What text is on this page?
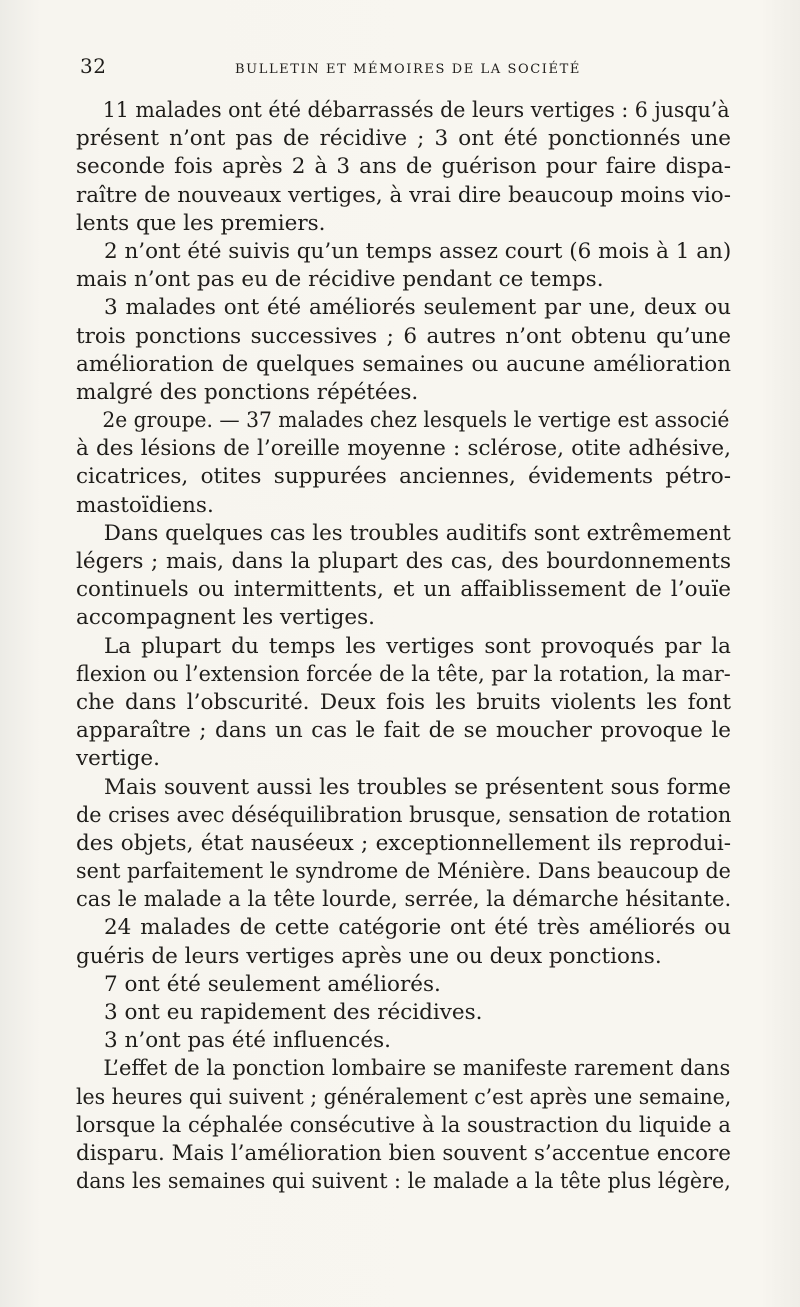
32	BULLETIN ET MÉMOIRES DE LA SOCIÉTÉ
11 malades ont été débarrassés de leurs vertiges : 6 jusqu’à
présent n’ont pas de récidive ; 3 ont été ponctionnés une
seconde fois après 2 à 3 ans de guérison pour faire dispa-
raître de nouveaux vertiges, à vrai dire beaucoup moins vio-
lents que les premiers.
2 n’ont été suivis qu’un temps assez court (6 mois à 1 an)
mais n’ont pas eu de récidive pendant ce temps.
3 malades ont été améliorés seulement par une, deux ou
trois ponctions successives ; 6 autres n’ont obtenu qu’une
amélioration de quelques semaines ou aucune amélioration
malgré des ponctions répétées.
2e groupe. — 37 malades chez lesquels le vertige est associé
à des lésions de l’oreille moyenne : sclérose, otite adhésive,
cicatrices, otites suppurées anciennes, évidements pétro-
mastoïdiens.
Dans quelques cas les troubles auditifs sont extrêmement
légers ; mais, dans la plupart des cas, des bourdonnements
continuels ou intermittents, et un affaiblissement de l’ouïe
accompagnent les vertiges.
La plupart du temps les vertiges sont provoqués par la
flexion ou l’extension forcée de la tête, par la rotation, la mar-
che dans l’obscurité. Deux fois les bruits violents les font
apparaître ; dans un cas le fait de se moucher provoque le
vertige.
Mais souvent aussi les troubles se présentent sous forme
de crises avec déséquilibration brusque, sensation de rotation
des objets, état nauséeux ; exceptionnellement ils reprodui-
sent parfaitement le syndrome de Ménière. Dans beaucoup de
cas le malade a la tête lourde, serrée, la démarche hésitante.
24 malades de cette catégorie ont été très améliorés ou
guéris de leurs vertiges après une ou deux ponctions.
7 ont été seulement améliorés.
3 ont eu rapidement des récidives.
3 n’ont pas été influencés.
L’effet de la ponction lombaire se manifeste rarement dans
les heures qui suivent ; généralement c’est après une semaine,
lorsque la céphalée consécutive à la soustraction du liquide a
disparu. Mais l’amélioration bien souvent s’accentue encore
dans les semaines qui suivent : le malade a la tête plus légère,
